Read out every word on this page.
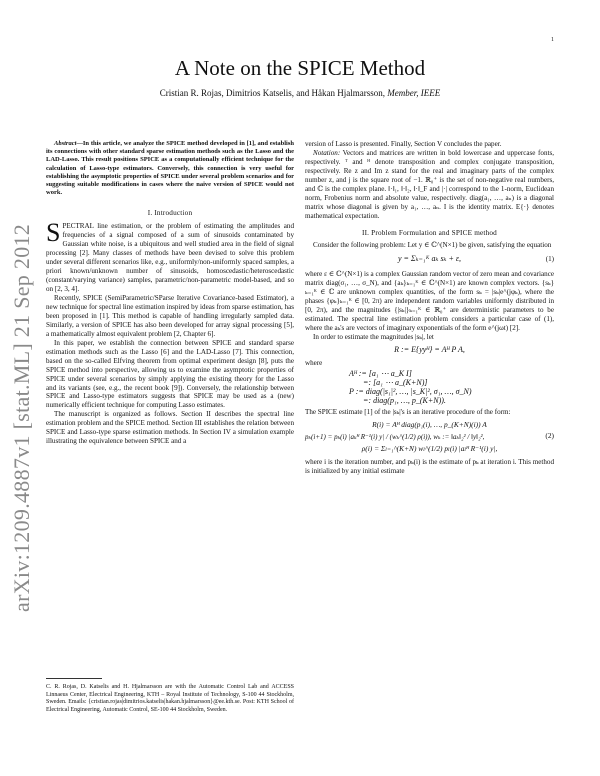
1
arXiv:1209.4887v1 [stat.ML] 21 Sep 2012
A Note on the SPICE Method
Cristian R. Rojas, Dimitrios Katselis, and Håkan Hjalmarsson, Member, IEEE

Abstract—In this article, we analyze the SPICE method developed in [1], and establish its connections with other standard sparse estimation methods such as the Lasso and the LAD-Lasso. This result positions SPICE as a computationally efficient technique for the calculation of Lasso-type estimators. Conversely, this connection is very useful for establishing the asymptotic properties of SPICE under several problem scenarios and for suggesting suitable modifications in cases where the naive version of SPICE would not work.

I. Introduction

SPECTRAL line estimation, or the problem of estimating the amplitudes and frequencies of a signal composed of a sum of sinusoids contaminated by Gaussian white noise, is a ubiquitous and well studied area in the field of signal processing [2]. Many classes of methods have been devised to solve this problem under several different scenarios like, e.g., uniformly/non-uniformly spaced samples, a priori known/unknown number of sinusoids, homoscedastic/heteroscedastic (constant/varying variance) samples, parametric/non-parametric model-based, and so on [2, 3, 4].

Recently, SPICE (SemiParametric/SParse Iterative Covariance-based Estimator), a new technique for spectral line estimation inspired by ideas from sparse estimation, has been proposed in [1]. This method is capable of handling irregularly sampled data. Similarly, a version of SPICE has also been developed for array signal processing [5], a mathematically almost equivalent problem [2, Chapter 6].

In this paper, we establish the connection between SPICE and standard sparse estimation methods such as the Lasso [6] and the LAD-Lasso [7]. This connection, based on the so-called Elfving theorem from optimal experiment design [8], puts the SPICE method into perspective, allowing us to examine the asymptotic properties of SPICE under several scenarios by simply applying the existing theory for the Lasso and its variants (see, e.g., the recent book [9]). Conversely, the relationship between SPICE and Lasso-type estimators suggests that SPICE may be used as a (new) numerically efficient technique for computing Lasso estimates.

The manuscript is organized as follows. Section II describes the spectral line estimation problem and the SPICE method. Section III establishes the relation between SPICE and Lasso-type sparse estimation methods. In Section IV a simulation example illustrating the equivalence between SPICE and a

C. R. Rojas, D. Katselis and H. Hjalmarsson are with the Automatic Control Lab and ACCESS Linnaeus Center, Electrical Engineering, KTH – Royal Institute of Technology, S-100 44 Stockholm, Sweden. Emails: {cristian.rojas|dimitrios.katselis|hakan.hjalmarsson}@ee.kth.se. Post: KTH School of Electrical Engineering, Automatic Control, SE-100 44 Stockholm, Sweden.

version of Lasso is presented. Finally, Section V concludes the paper.

Notation: Vectors and matrices are written in bold lowercase and uppercase fonts, respectively. ᵀ and ᴴ denote transposition and complex conjugate transposition, respectively. Re z and Im z stand for the real and imaginary parts of the complex number z, and j is the square root of −1. ℝ₀⁺ is the set of non-negative real numbers, and ℂ is the complex plane. ‖·‖₁, ‖·‖₂, ‖·‖_F and |·| correspond to the 1-norm, Euclidean norm, Frobenius norm and absolute value, respectively. diag(a₁, …, aₙ) is a diagonal matrix whose diagonal is given by a₁, …, aₙ. I is the identity matrix. E{·} denotes mathematical expectation.

II. Problem Formulation and SPICE method

Consider the following problem: Let y ∈ ℂ^(N×1) be given, satisfying the equation

y = Σₖ₌₁ᴷ aₖ sₖ + ε,	(1)

where ε ∈ ℂ^(N×1) is a complex Gaussian random vector of zero mean and covariance matrix diag(σ₁, …, σ_N), and {aₖ}ₖ₌₁ᴷ ∈ ℂ^(N×1) are known complex vectors. {sₖ}ₖ₌₁ᴷ ∈ ℂ are unknown complex quantities, of the form sₖ = |sₖ|e^(jφₖ), where the phases {φₖ}ₖ₌₁ᴷ ∈ [0, 2π) are independent random variables uniformly distributed in [0, 2π), and the magnitudes {|sₖ|}ₖ₌₁ᴷ ∈ ℝ₀⁺ are deterministic parameters to be estimated. The spectral line estimation problem considers a particular case of (1), where the aₖ's are vectors of imaginary exponentials of the form e^(jωt) [2].

In order to estimate the magnitudes |sₖ|, let

R := E{yyᴴ} = Aᴴ P A,

where

Aᴴ := [a₁ ⋯ a_K I]
=: [a₁ ⋯ a_(K+N)]
P := diag(|s₁|², …, |s_K|², σ₁, …, σ_N)
=: diag(p₁, …, p_(K+N)).

The SPICE estimate [1] of the |sₖ|'s is an iterative procedure of the form:

R(i) = Aᴴ diag(p₁(i), …, p_(K+N)(i)) A
pₖ(i+1) = pₖ(i) |aₖᴴ R⁻¹(i) y| / (wₖ^(1/2) ρ(i)), wₖ := ‖aₖ‖₂² / ‖y‖₂²,	(2)
ρ(i) = Σₗ₌₁^(K+N) wₗ^(1/2) pₗ(i) |aₗᴴ R⁻¹(i) y|,

where i is the iteration number, and pₖ(i) is the estimate of pₖ at iteration i. This method is initialized by any initial estimate
